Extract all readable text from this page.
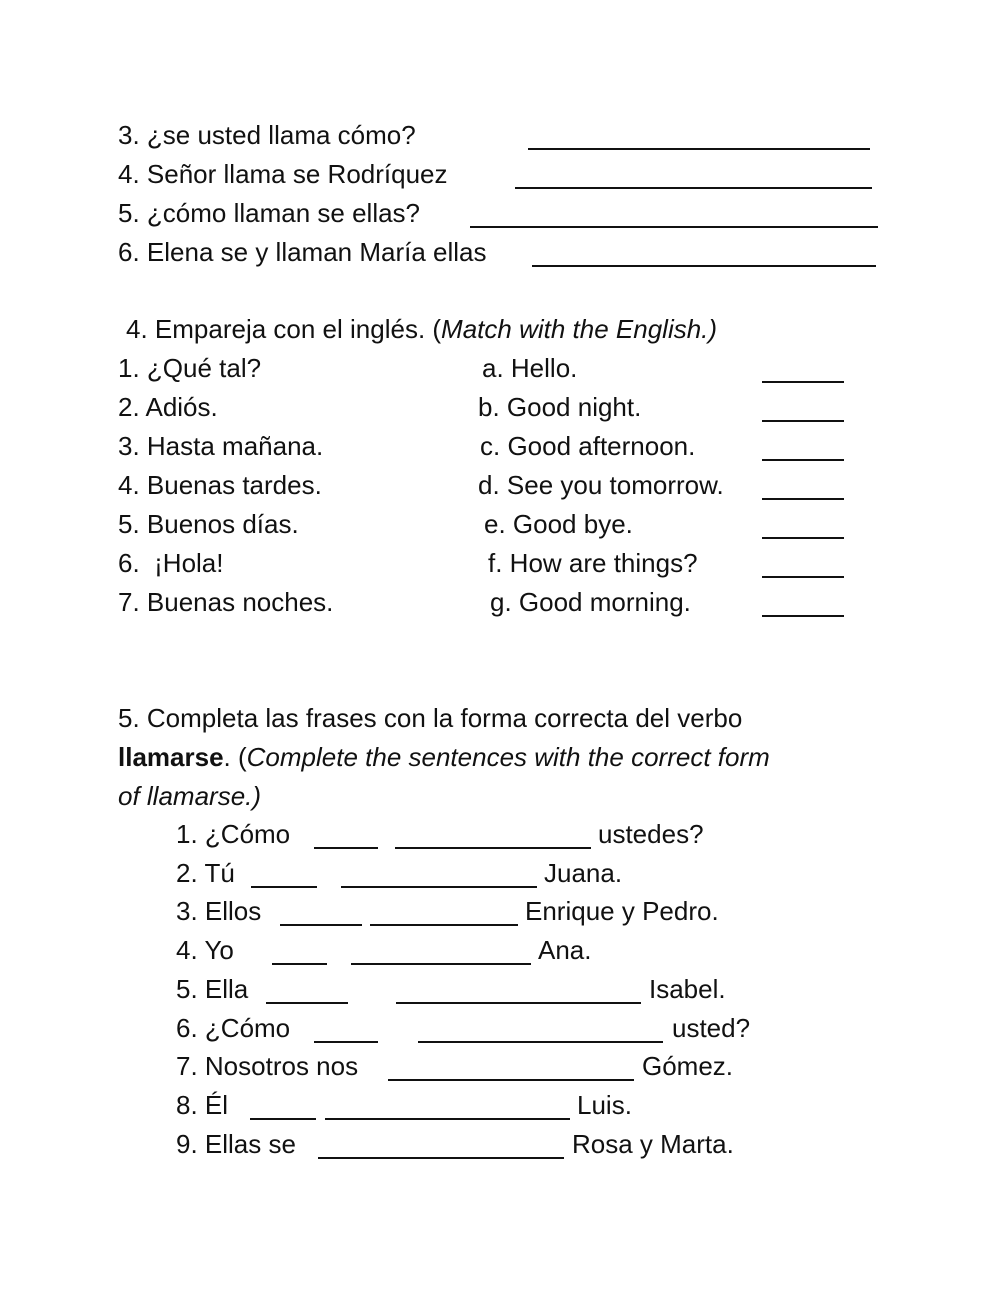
3. ¿se usted llama cómo?
4. Señor llama se Rodríquez
5. ¿cómo llaman se ellas?
6. Elena se y llaman María ellas
4. Empareja con el inglés. (Match with the English.)
1. ¿Qué tal?	a. Hello.
2. Adiós.	b. Good night.
3. Hasta mañana.	c. Good afternoon.
4. Buenas tardes.	d. See you tomorrow.
5. Buenos días.	e. Good bye.
6.  ¡Hola!	f. How are things?
7. Buenas noches.	g. Good morning.
5. Completa las frases con la forma correcta del verbo
llamarse. (Complete the sentences with the correct form
of llamarse.)
1. ¿Cómo	ustedes?
2. Tú	Juana.
3. Ellos	Enrique y Pedro.
4. Yo	Ana.
5. Ella	Isabel.
6. ¿Cómo	usted?
7. Nosotros nos	Gómez.
8. Él	Luis.
9. Ellas se	Rosa y Marta.
